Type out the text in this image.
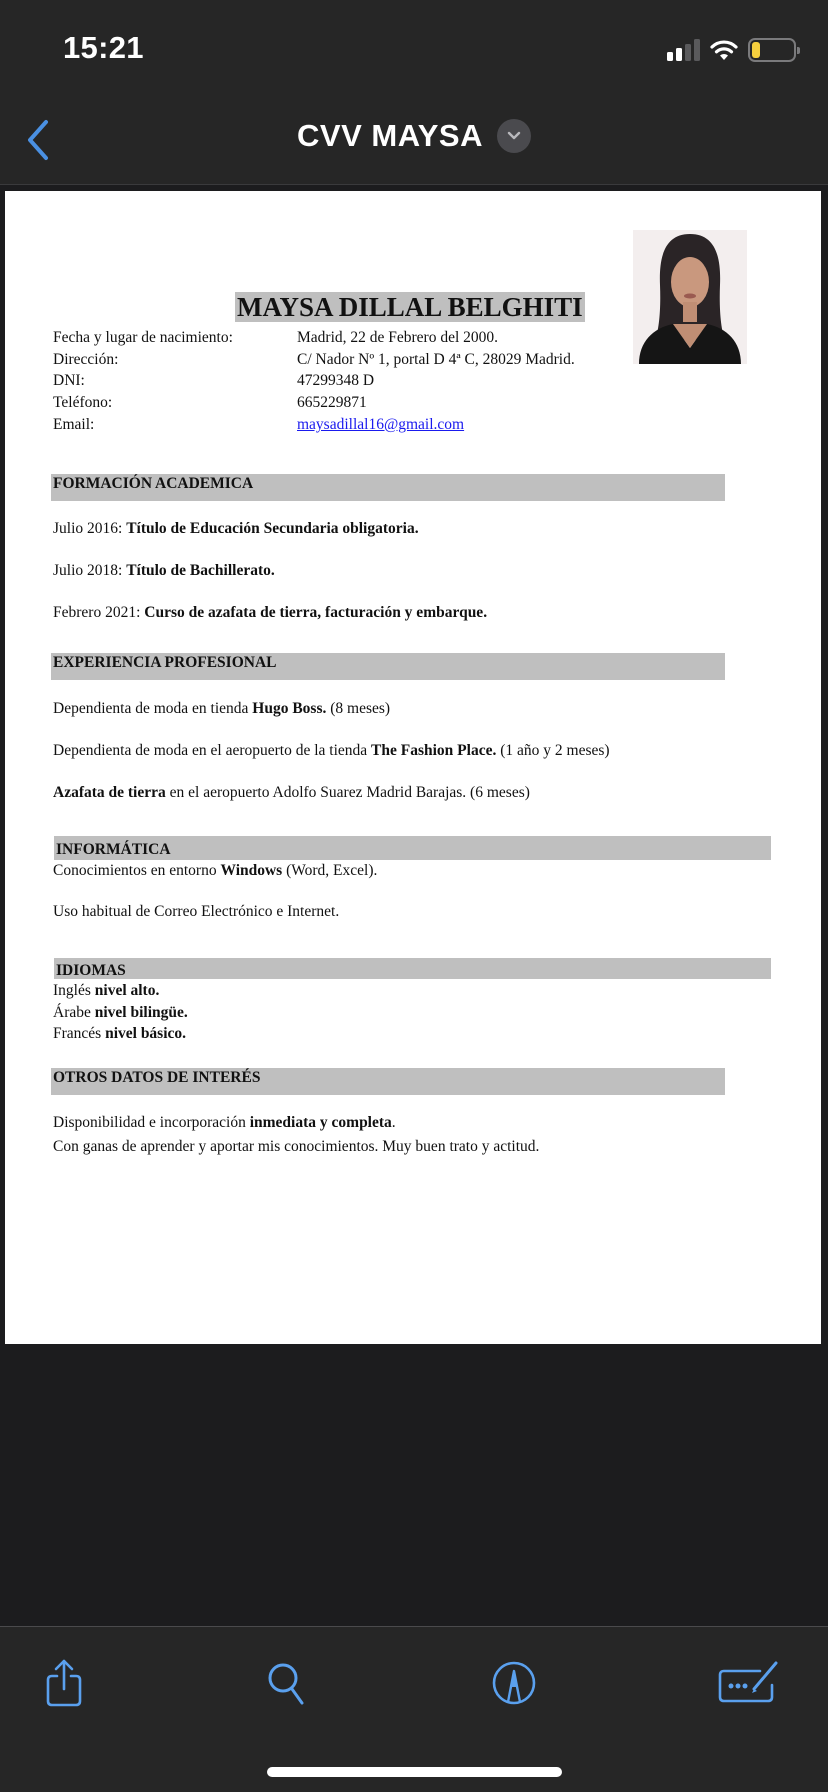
15:21
CVV MAYSA
MAYSA DILLAL BELGHITI
Fecha y lugar de nacimiento:	Madrid, 22 de Febrero del 2000.
Dirección:	C/ Nador Nº 1, portal D 4ª C, 28029 Madrid.
DNI:	47299348 D
Teléfono:	665229871
Email:	maysadillal16@gmail.com
FORMACIÓN ACADEMICA
Julio 2016: Título de Educación Secundaria obligatoria.
Julio 2018: Título de Bachillerato.
Febrero 2021: Curso de azafata de tierra, facturación y embarque.
EXPERIENCIA PROFESIONAL
Dependienta de moda en tienda Hugo Boss. (8 meses)
Dependienta de moda en el aeropuerto de la tienda The Fashion Place. (1 año y 2 meses)
Azafata de tierra en el aeropuerto Adolfo Suarez Madrid Barajas. (6 meses)
INFORMÁTICA
Conocimientos en entorno Windows (Word, Excel).
Uso habitual de Correo Electrónico e Internet.
IDIOMAS
Inglés nivel alto.
Árabe nivel bilingüe.
Francés nivel básico.
OTROS DATOS DE INTERÉS
Disponibilidad e incorporación inmediata y completa.
Con ganas de aprender y aportar mis conocimientos. Muy buen trato y actitud.
